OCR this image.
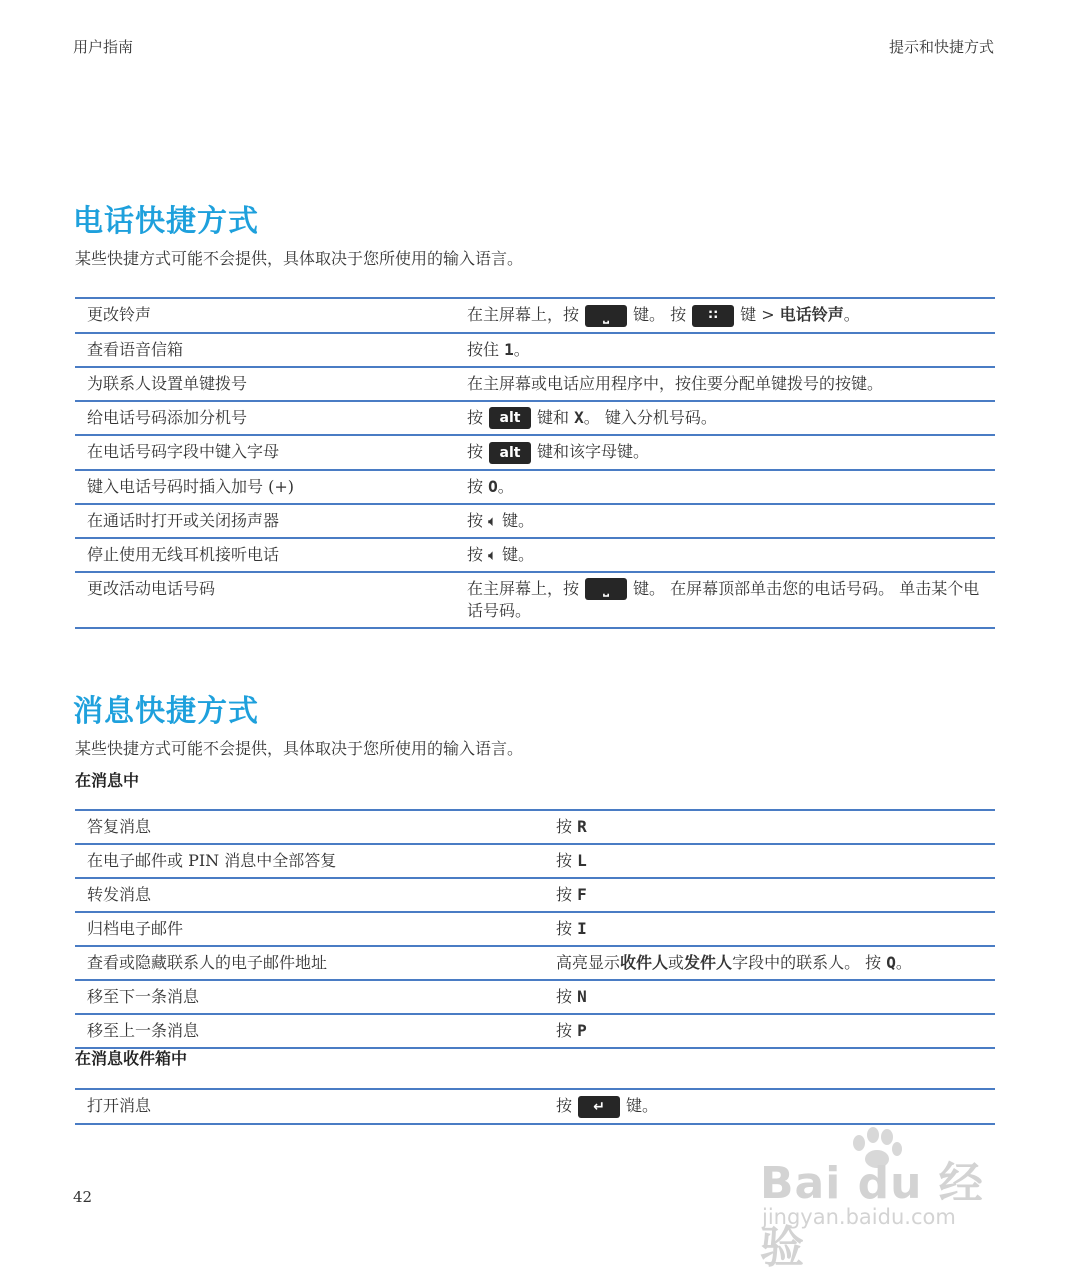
用户指南	提示和快捷方式
电话快捷方式
某些快捷方式可能不会提供，具体取决于您所使用的输入语言。
更改铃声	在主屏幕上，按 ⎵ 键。 按 ∷ 键 > 电话铃声。
查看语音信箱	按住 1。
为联系人设置单键拨号	在主屏幕或电话应用程序中，按住要分配单键拨号的按键。
给电话号码添加分机号	按 alt 键和 X。 键入分机号码。
在电话号码字段中键入字母	按 alt 键和该字母键。
键入电话号码时插入加号 (+)	按 O。
在通话时打开或关闭扬声器	按 🔈︎ 键。
停止使用无线耳机接听电话	按 🔈︎ 键。
更改活动电话号码	在主屏幕上，按 ⎵ 键。 在屏幕顶部单击您的电话号码。 单击某个电话号码。
消息快捷方式
某些快捷方式可能不会提供，具体取决于您所使用的输入语言。
在消息中
答复消息	按 R
在电子邮件或 PIN 消息中全部答复	按 L
转发消息	按 F
归档电子邮件	按 I
查看或隐藏联系人的电子邮件地址	高亮显示收件人或发件人字段中的联系人。 按 Q。
移至下一条消息	按 N
移至上一条消息	按 P
在消息收件箱中
打开消息	按 ↵ 键。
42	Bai du 经验
jingyan.baidu.com
